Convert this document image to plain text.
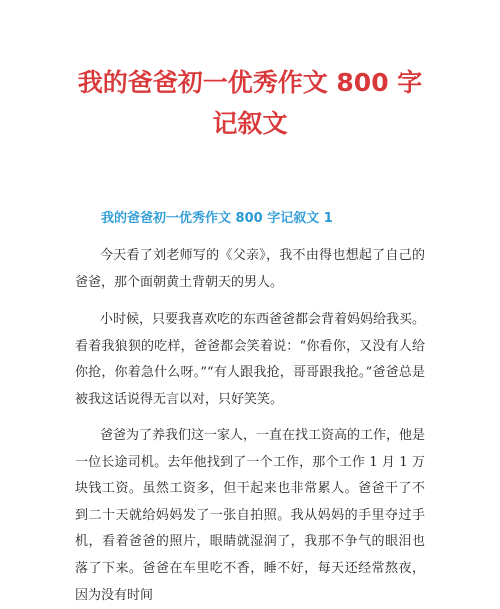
我的爸爸初一优秀作文 800 字记叙文
我的爸爸初一优秀作文 800 字记叙文 1

今天看了刘老师写的《父亲》，我不由得也想起了自己的爸爸，那个面朝黄土背朝天的男人。

小时候，只要我喜欢吃的东西爸爸都会背着妈妈给我买。看着我狼狈的吃样，爸爸都会笑着说：“你看你，又没有人给你抢，你着急什么呀。”“有人跟我抢，哥哥跟我抢。”爸爸总是被我这话说得无言以对，只好笑笑。

爸爸为了养我们这一家人，一直在找工资高的工作，他是一位长途司机。去年他找到了一个工作，那个工作 1 月 1 万块钱工资。虽然工资多，但干起来也非常累人。爸爸干了不到二十天就给妈妈发了一张自拍照。我从妈妈的手里夺过手机，看着爸爸的照片，眼睛就湿润了，我那不争气的眼泪也落了下来。爸爸在车里吃不香，睡不好，每天还经常熬夜，因为没有时间
